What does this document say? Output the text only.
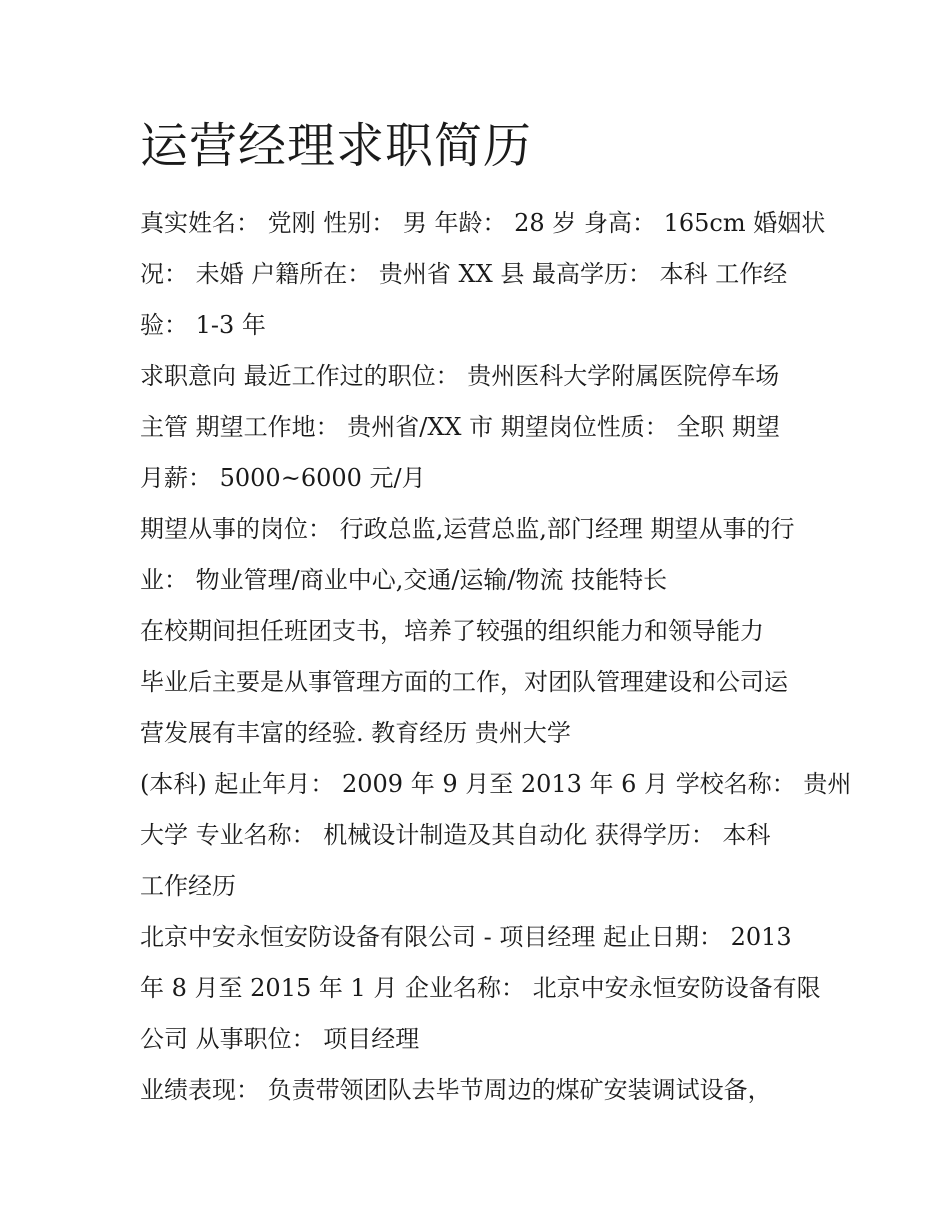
运营经理求职简历
真实姓名： 党刚 性别： 男 年龄： 28 岁 身高： 165cm 婚姻状
况： 未婚 户籍所在： 贵州省 XX 县 最高学历： 本科 工作经
验： 1-3 年
求职意向 最近工作过的职位： 贵州医科大学附属医院停车场
主管 期望工作地： 贵州省/XX 市 期望岗位性质： 全职 期望
月薪： 5000~6000 元/月
期望从事的岗位： 行政总监,运营总监,部门经理 期望从事的行
业： 物业管理/商业中心,交通/运输/物流 技能特长
在校期间担任班团支书，培养了较强的组织能力和领导能力
毕业后主要是从事管理方面的工作，对团队管理建设和公司运
营发展有丰富的经验. 教育经历 贵州大学
(本科) 起止年月： 2009 年 9 月至 2013 年 6 月 学校名称： 贵州
大学 专业名称： 机械设计制造及其自动化 获得学历： 本科
工作经历
北京中安永恒安防设备有限公司 - 项目经理 起止日期： 2013
年 8 月至 2015 年 1 月 企业名称： 北京中安永恒安防设备有限
公司 从事职位： 项目经理
业绩表现： 负责带领团队去毕节周边的煤矿安装调试设备，
